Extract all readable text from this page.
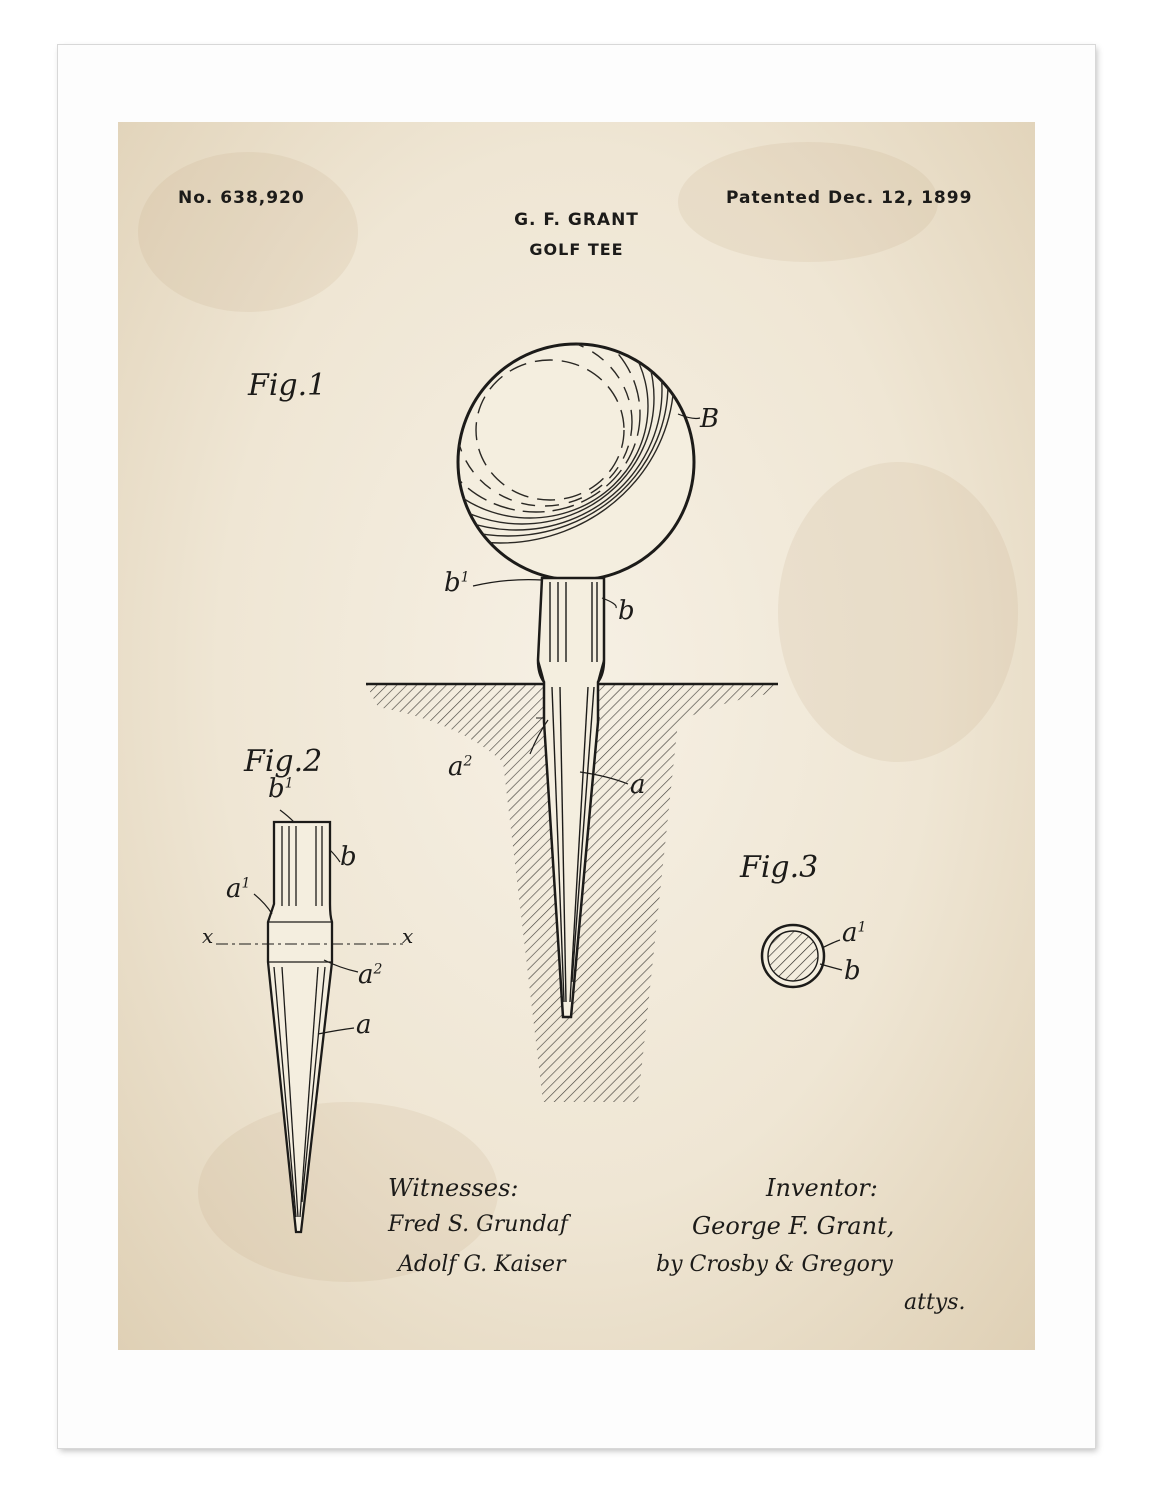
No. 638,920	Patented Dec. 12, 1899
G. F. GRANT
GOLF TEE
Fig.1
Fig.2
Fig.3
B
b
$b^1$
$a^2$
a
$b^1$
b
$a^1$
x	x
$a^2$
a
$a^1$
b
Witnesses:
Fred S. Grundaf
Adolf G. Kaiser
Inventor:
George F. Grant,
by Crosby & Gregory
attys.
